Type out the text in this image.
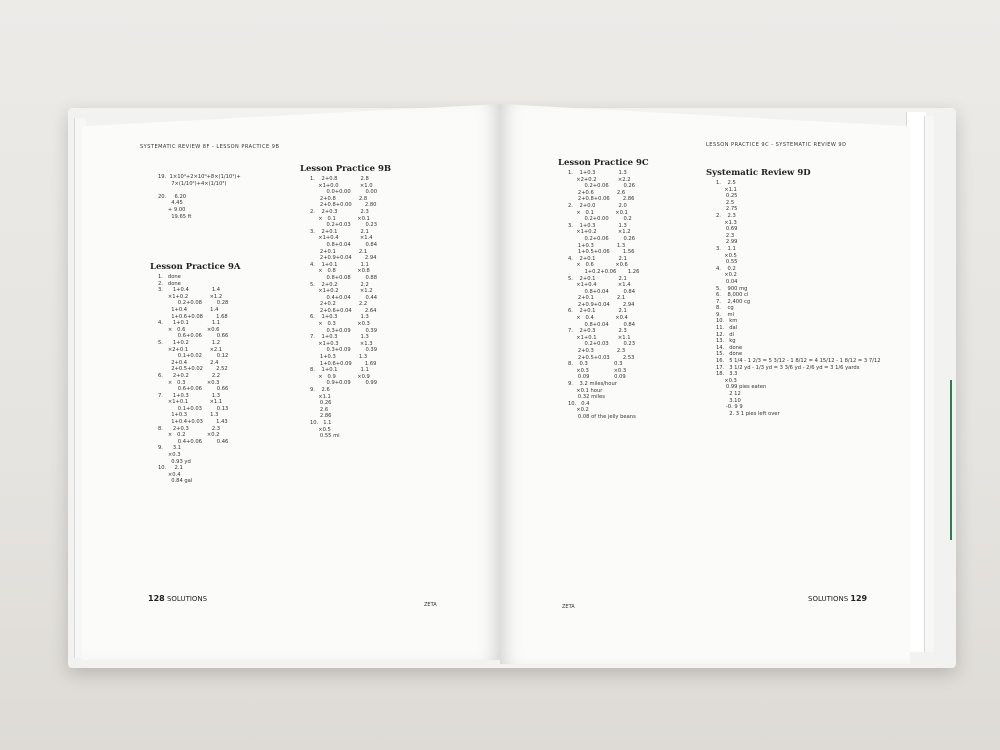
SYSTEMATIC REVIEW 8F - LESSON PRACTICE 9B
19.  1×10⁴+2×10⁰+8×(1/10¹)+
7×(1/10²)+4×(1/10³)

20.     6.20
4.45
+ 9.00
19.65 ft
Lesson Practice 9A
1.   done
2.   done
3.      1+0.4              1.4
×1+0.2             ×1.2
0.2+0.08         0.28
1+0.4              1.4
1+0.6+0.08        1.68
4.      1+0.1              1.1
×   0.6             ×0.6
0.6+0.06         0.66
5.      1+0.2              1.2
×2+0.1             ×2.1
0.1+0.02         0.12
2+0.4              2.4
2+0.5+0.02        2.52
6.      2+0.2              2.2
×   0.3             ×0.3
0.6+0.06         0.66
7.      1+0.3              1.3
×1+0.1             ×1.1
0.1+0.03         0.13
1+0.3              1.3
1+0.4+0.03        1.43
8.      2+0.3              2.3
×   0.2             ×0.2
0.4+0.06         0.46
9.      3.1
×0.3
0.93 yd
10.     2.1
×0.4
0.84 gal
Lesson Practice 9B
1.    2+0.8              2.8
×1+0.0             ×1.0
0.0+0.00         0.00
2+0.8              2.8
2+0.8+0.00        2.80
2.    2+0.3              2.3
×   0.1             ×0.1
0.2+0.03         0.23
3.    2+0.1              2.1
×1+0.4             ×1.4
0.8+0.04         0.84
2+0.1              2.1
2+0.9+0.04        2.94
4.    1+0.1              1.1
×   0.8             ×0.8
0.8+0.08         0.88
5.    2+0.2              2.2
×1+0.2             ×1.2
0.4+0.04         0.44
2+0.2              2.2
2+0.6+0.04        2.64
6.    1+0.3              1.3
×   0.3             ×0.3
0.3+0.09         0.39
7.    1+0.3              1.3
×1+0.3             ×1.3
0.3+0.09         0.39
1+0.3              1.3
1+0.6+0.09        1.69
8.    1+0.1              1.1
×   0.9             ×0.9
0.9+0.09         0.99
9.    2.6
×1.1
0.26
2.6
2.86
10.   1.1
×0.5
0.55 mi
128 SOLUTIONS
ZETA
LESSON PRACTICE 9C - SYSTEMATIC REVIEW 9D
Lesson Practice 9C
1.    1+0.3              1.3
×2+0.2             ×2.2
0.2+0.06         0.26
2+0.6              2.6
2+0.8+0.06        2.86
2.    2+0.0              2.0
×   0.1             ×0.1
0.2+0.00         0.2
3.    1+0.3              1.3
×1+0.2             ×1.2
0.2+0.06         0.26
1+0.3              1.3
1+0.5+0.06        1.56
4.    2+0.1              2.1
×   0.6             ×0.6
1+0.2+0.06       1.26
5.    2+0.1              2.1
×1+0.4             ×1.4
0.8+0.04         0.84
2+0.1              2.1
2+0.9+0.04        2.94
6.    2+0.1              2.1
×   0.4             ×0.4
0.8+0.04         0.84
7.    2+0.3              2.3
×1+0.1             ×1.1
0.2+0.03         0.23
2+0.3              2.3
2+0.5+0.03        2.53
8.    0.3                0.3
×0.3               ×0.3
0.09               0.09
9.    3.2 miles/hour
×0.1 hour
0.32 miles
10.   0.4
×0.2
0.08 of the jelly beans
Systematic Review 9D
1.    2.5
×1.1
0.25
2.5
2.75
2.    2.3
×1.3
0.69
2.3
2.99
3.    1.1
×0.5
0.55
4.    0.2
×0.2
0.04
5.    900 mg
6.    8,000 cl
7.    2,400 cg
8.    cg
9.    ml
10.   km
11.   dal
12.   dl
13.   kg
14.   done
15.   done
16.   5 1/4 - 1 2/3 = 5 3/12 - 1 8/12 = 4 15/12 - 1 8/12 = 3 7/12
17.   3 1/2 yd - 1/3 yd = 3 3/6 yd - 2/6 yd = 3 1/6 yards
18.   3.3
×0.3
0.99 pies eaten
2 12
3.10
-0. 9 9
2. 3 1 pies left over
ZETA
SOLUTIONS 129
